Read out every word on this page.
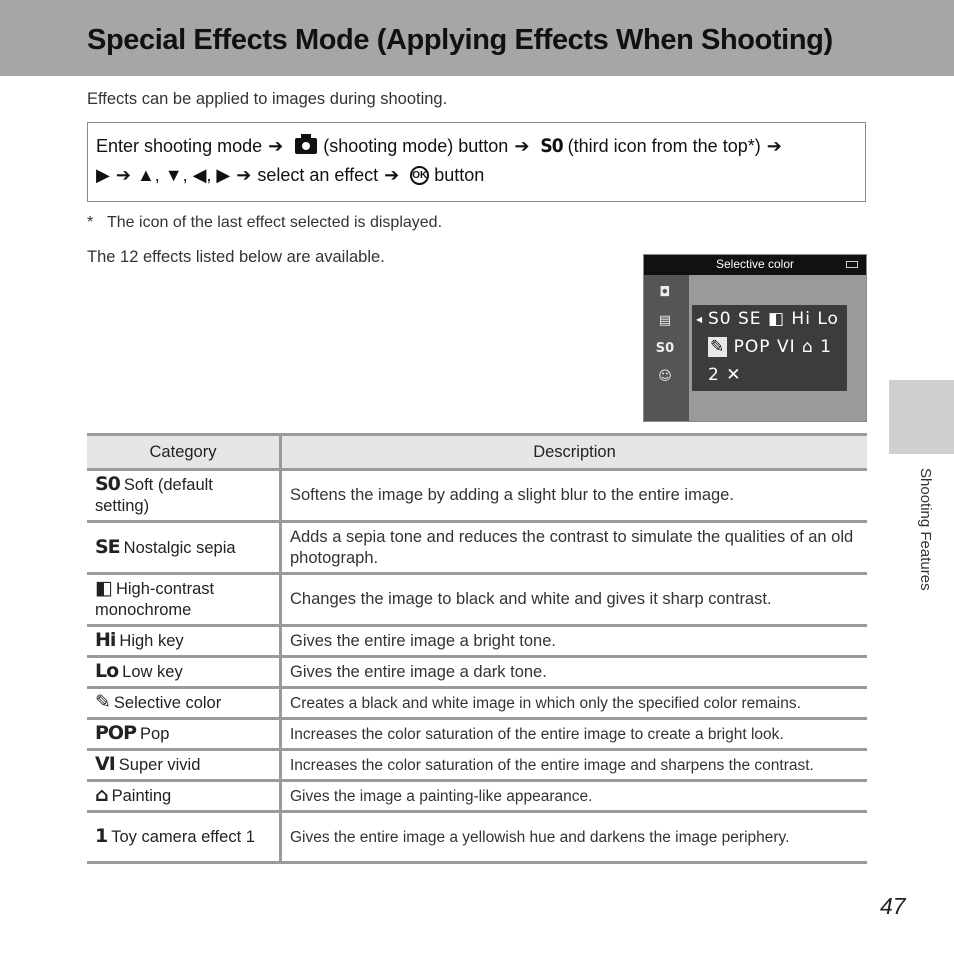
Special Effects Mode (Applying Effects When Shooting)
Effects can be applied to images during shooting.
Enter shooting mode ➔ (shooting mode) button ➔ S0 (third icon from the top*) ➔
▶ ➔ ▲, ▼, ◀, ▶ ➔ select an effect ➔ OK button
* The icon of the last effect selected is displayed.
The 12 effects listed below are available.	Selective color
◘
▤
S0
☺
◀ S0 SE ◧ Hi Lo
✎ POP VI ⌂ 1
2 ✕
Category	Description
S0 Soft (default setting)	Softens the image by adding a slight blur to the entire image.
SE Nostalgic sepia	Adds a sepia tone and reduces the contrast to simulate the qualities of an old photograph.
◧ High-contrast monochrome	Changes the image to black and white and gives it sharp contrast.
Hi High key	Gives the entire image a bright tone.
Lo Low key	Gives the entire image a dark tone.
✎ Selective color	Creates a black and white image in which only the specified color remains.
POP Pop	Increases the color saturation of the entire image to create a bright look.
VI Super vivid	Increases the color saturation of the entire image and sharpens the contrast.
⌂ Painting	Gives the image a painting-like appearance.
1 Toy camera effect 1	Gives the entire image a yellowish hue and darkens the image periphery.
Shooting Features
47
